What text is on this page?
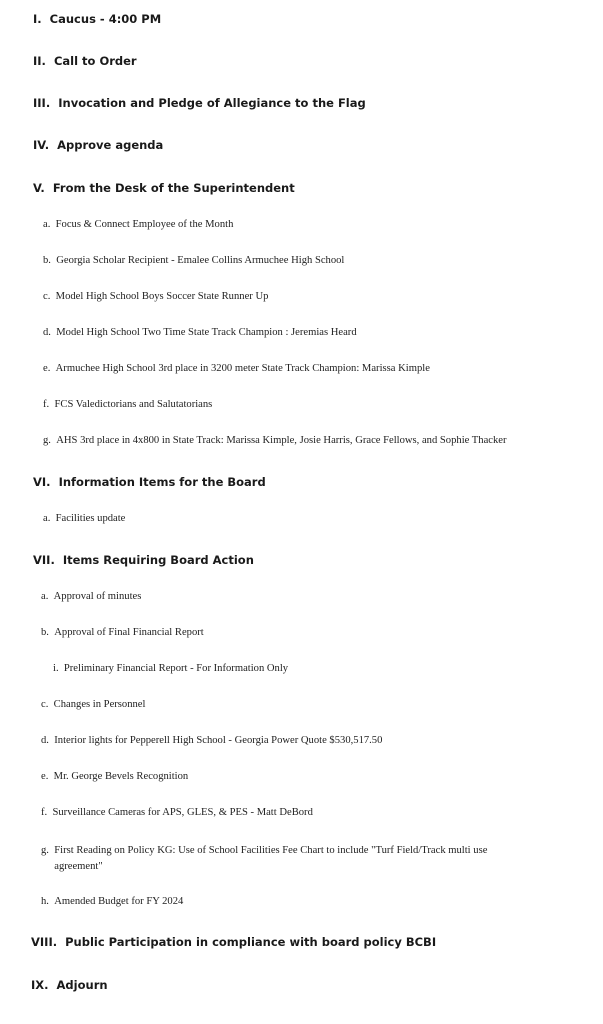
I. Caucus - 4:00 PM
II. Call to Order
III. Invocation and Pledge of Allegiance to the Flag
IV. Approve agenda
V. From the Desk of the Superintendent
a. Focus & Connect Employee of the Month
b. Georgia Scholar Recipient - Emalee Collins Armuchee High School
c. Model High School Boys Soccer State Runner Up
d. Model High School Two Time State Track Champion : Jeremias Heard
e. Armuchee High School 3rd place in 3200 meter State Track Champion: Marissa Kimple
f. FCS Valedictorians and Salutatorians
g. AHS 3rd place in 4x800 in State Track: Marissa Kimple, Josie Harris, Grace Fellows, and Sophie Thacker
VI. Information Items for the Board
a. Facilities update
VII. Items Requiring Board Action
a. Approval of minutes
b. Approval of Final Financial Report
i. Preliminary Financial Report - For Information Only
c. Changes in Personnel
d. Interior lights for Pepperell High School - Georgia Power Quote $530,517.50
e. Mr. George Bevels Recognition
f. Surveillance Cameras for APS, GLES, & PES - Matt DeBord
g. First Reading on Policy KG: Use of School Facilities Fee Chart to include "Turf Field/Track multi use agreement"
h. Amended Budget for FY 2024
VIII. Public Participation in compliance with board policy BCBI
IX. Adjourn
